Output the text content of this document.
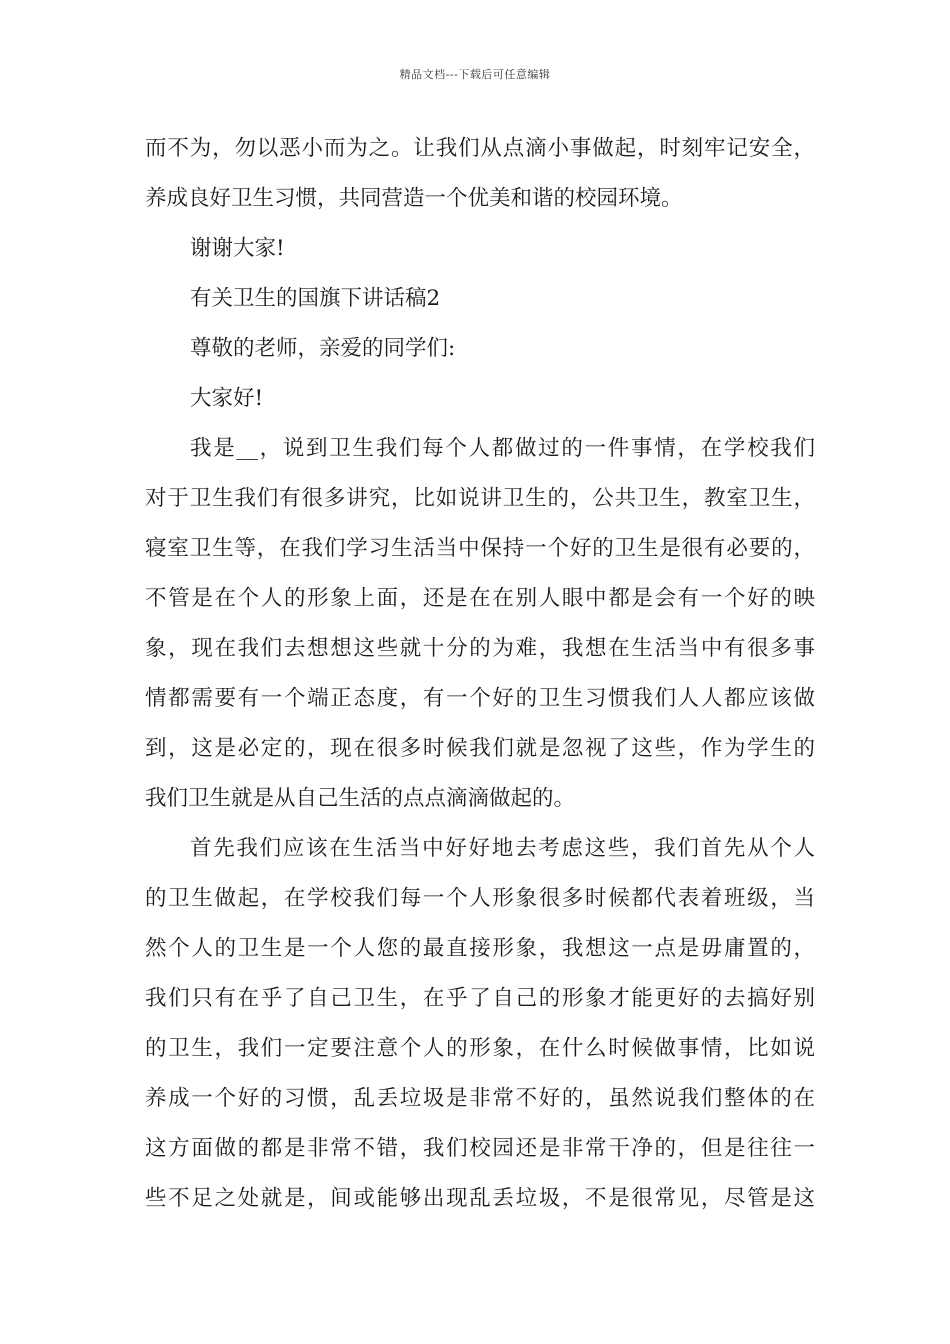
精品文档---下载后可任意编辑
而不为，勿以恶小而为之。让我们从点滴小事做起，时刻牢记安全，
养成良好卫生习惯，共同营造一个优美和谐的校园环境。
谢谢大家!
有关卫生的国旗下讲话稿2
尊敬的老师，亲爱的同学们:
大家好!
我是__，说到卫生我们每个人都做过的一件事情，在学校我们
对于卫生我们有很多讲究，比如说讲卫生的，公共卫生，教室卫生，
寝室卫生等，在我们学习生活当中保持一个好的卫生是很有必要的，
不管是在个人的形象上面，还是在在别人眼中都是会有一个好的映
象，现在我们去想想这些就十分的为难，我想在生活当中有很多事
情都需要有一个端正态度，有一个好的卫生习惯我们人人都应该做
到，这是必定的，现在很多时候我们就是忽视了这些，作为学生的
我们卫生就是从自己生活的点点滴滴做起的。
首先我们应该在生活当中好好地去考虑这些，我们首先从个人
的卫生做起，在学校我们每一个人形象很多时候都代表着班级，当
然个人的卫生是一个人您的最直接形象，我想这一点是毋庸置的，
我们只有在乎了自己卫生，在乎了自己的形象才能更好的去搞好别
的卫生，我们一定要注意个人的形象，在什么时候做事情，比如说
养成一个好的习惯，乱丢垃圾是非常不好的，虽然说我们整体的在
这方面做的都是非常不错，我们校园还是非常干净的，但是往往一
些不足之处就是，间或能够出现乱丢垃圾，不是很常见，尽管是这
